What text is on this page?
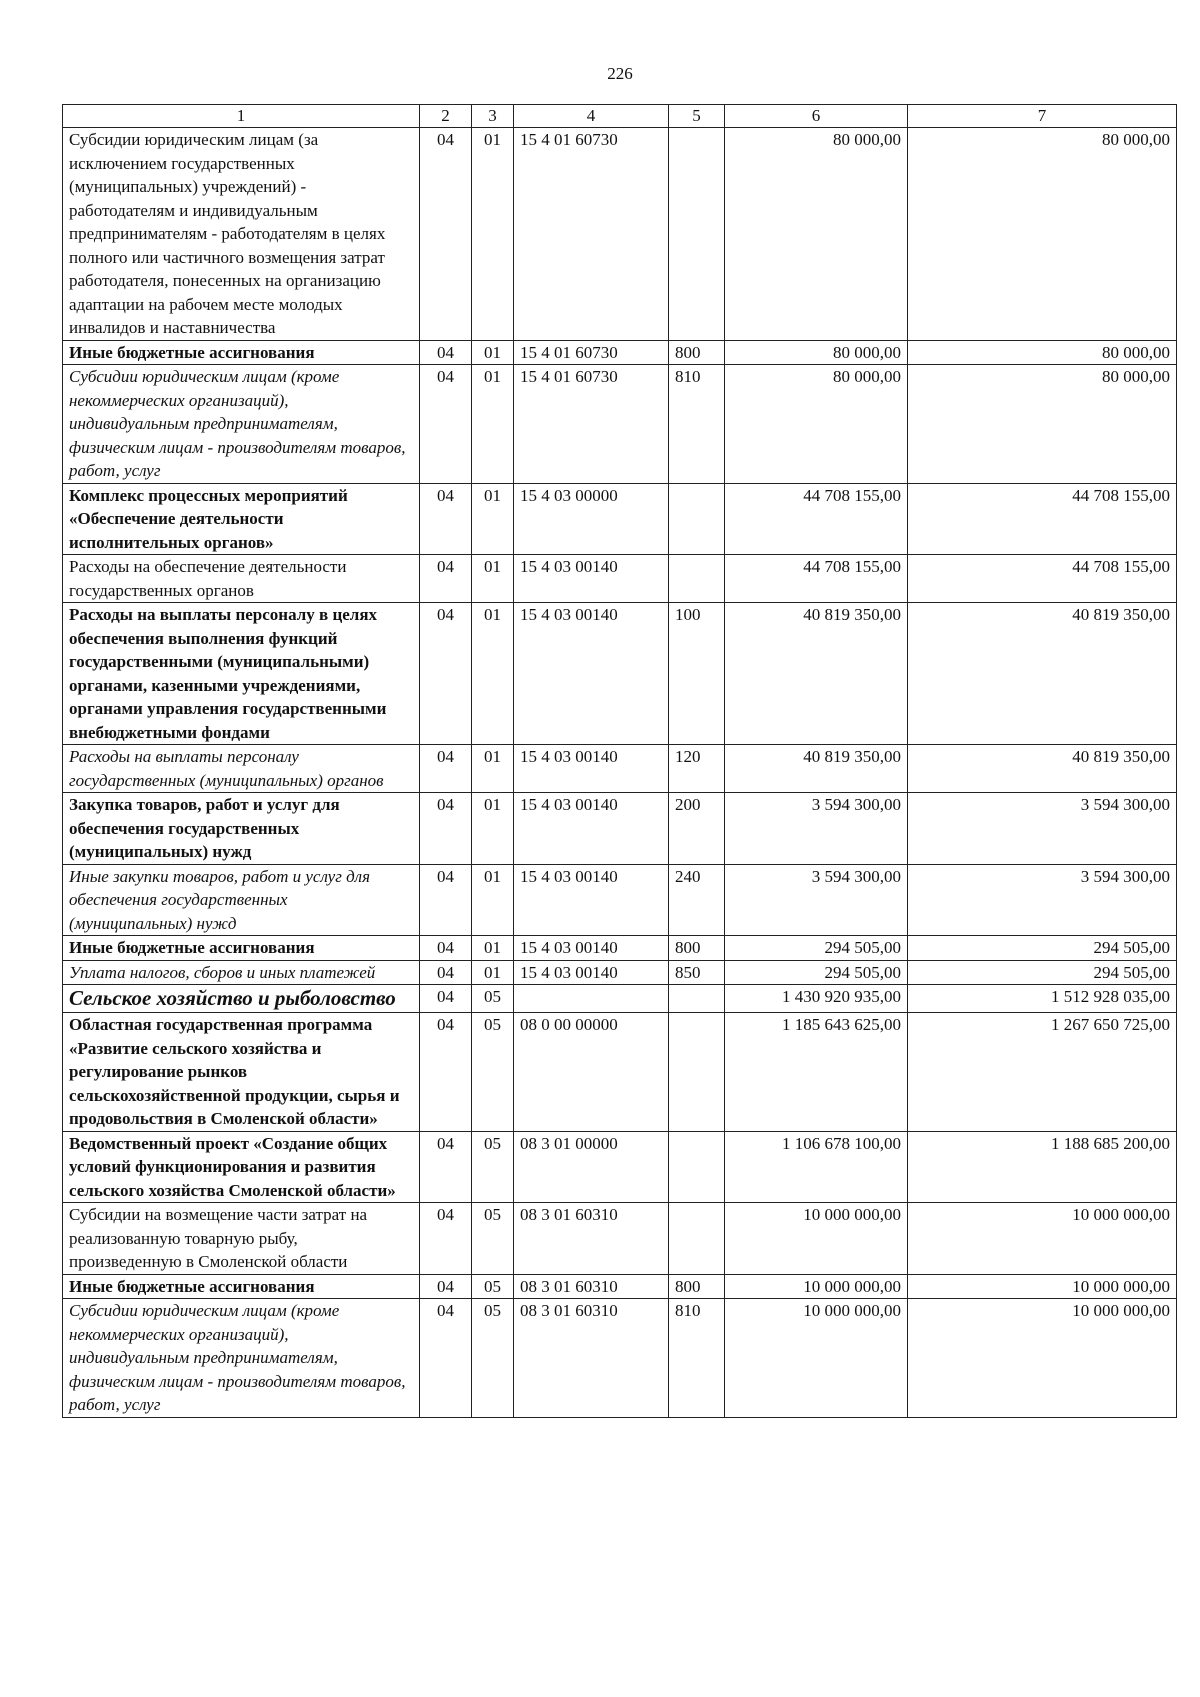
226
1	2	3	4	5	6	7
Субсидии юридическим лицам (за исключением государственных (муниципальных) учреждений) - работодателям и индивидуальным предпринимателям - работодателям в целях полного или частичного возмещения затрат работодателя, понесенных на организацию адаптации на рабочем месте молодых инвалидов и наставничества	04	01	15 4 01 60730		80 000,00	80 000,00
Иные бюджетные ассигнования	04	01	15 4 01 60730	800	80 000,00	80 000,00
Субсидии юридическим лицам (кроме некоммерческих организаций), индивидуальным предпринимателям, физическим лицам - производителям товаров, работ, услуг	04	01	15 4 01 60730	810	80 000,00	80 000,00
Комплекс процессных мероприятий «Обеспечение деятельности исполнительных органов»	04	01	15 4 03 00000		44 708 155,00	44 708 155,00
Расходы на обеспечение деятельности государственных органов	04	01	15 4 03 00140		44 708 155,00	44 708 155,00
Расходы на выплаты персоналу в целях обеспечения выполнения функций государственными (муниципальными) органами, казенными учреждениями, органами управления государственными внебюджетными фондами	04	01	15 4 03 00140	100	40 819 350,00	40 819 350,00
Расходы на выплаты персоналу государственных (муниципальных) органов	04	01	15 4 03 00140	120	40 819 350,00	40 819 350,00
Закупка товаров, работ и услуг для обеспечения государственных (муниципальных) нужд	04	01	15 4 03 00140	200	3 594 300,00	3 594 300,00
Иные закупки товаров, работ и услуг для обеспечения государственных (муниципальных) нужд	04	01	15 4 03 00140	240	3 594 300,00	3 594 300,00
Иные бюджетные ассигнования	04	01	15 4 03 00140	800	294 505,00	294 505,00
Уплата налогов, сборов и иных платежей	04	01	15 4 03 00140	850	294 505,00	294 505,00
Сельское хозяйство и рыболовство	04	05			1 430 920 935,00	1 512 928 035,00
Областная государственная программа «Развитие сельского хозяйства и регулирование рынков сельскохозяйственной продукции, сырья и продовольствия в Смоленской области»	04	05	08 0 00 00000		1 185 643 625,00	1 267 650 725,00
Ведомственный проект «Создание общих условий функционирования и развития сельского хозяйства Смоленской области»	04	05	08 3 01 00000		1 106 678 100,00	1 188 685 200,00
Субсидии на возмещение части затрат на реализованную товарную рыбу, произведенную в Смоленской области	04	05	08 3 01 60310		10 000 000,00	10 000 000,00
Иные бюджетные ассигнования	04	05	08 3 01 60310	800	10 000 000,00	10 000 000,00
Субсидии юридическим лицам (кроме некоммерческих организаций), индивидуальным предпринимателям, физическим лицам - производителям товаров, работ, услуг	04	05	08 3 01 60310	810	10 000 000,00	10 000 000,00
